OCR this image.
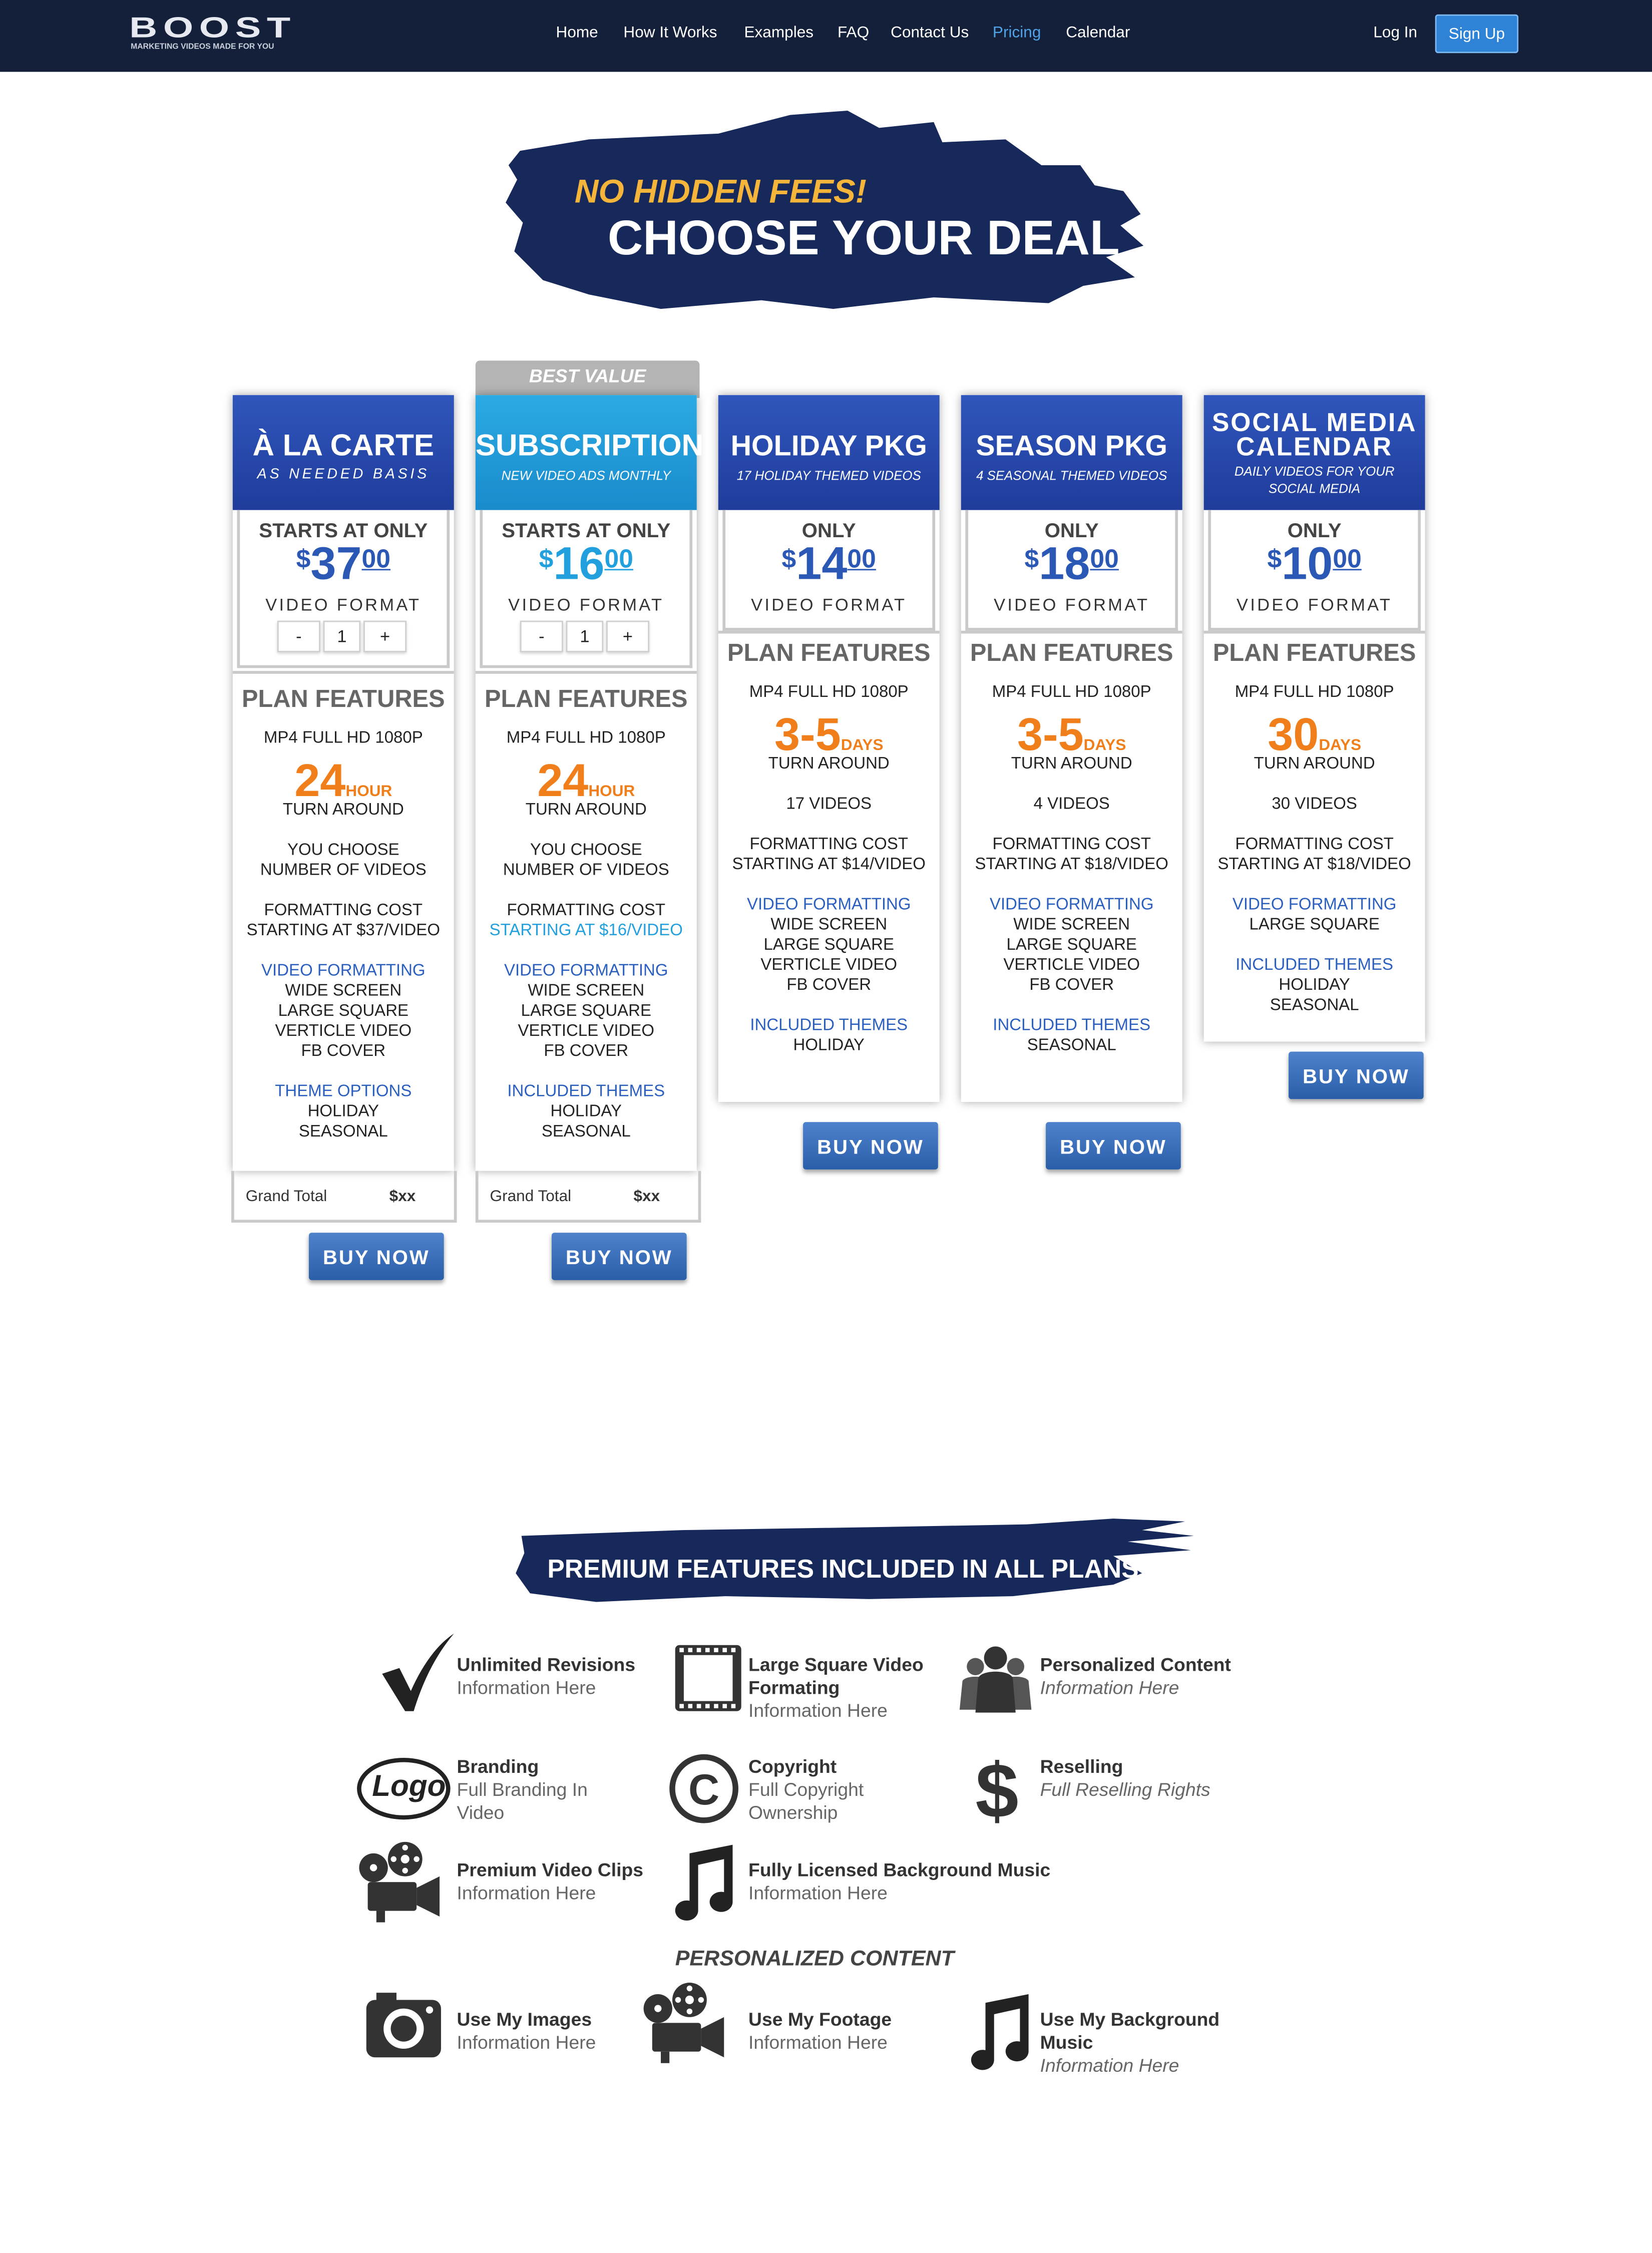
BOOST
MARKETING VIDEOS MADE FOR YOU
Home	How It Works	Examples	FAQ	Contact Us	Pricing	Calendar	Log In	Sign Up
NO HIDDEN FEES!
CHOOSE YOUR DEAL
BEST VALUE
À LA CARTE
AS NEEDED BASIS
STARTS AT ONLY
$3700
VIDEO FORMAT
-	1	+
PLAN FEATURES
MP4 FULL HD 1080P
24HOUR
TURN AROUND
YOU CHOOSE
NUMBER OF VIDEOS
FORMATTING COST
STARTING AT $37/VIDEO
VIDEO FORMATTING
WIDE SCREEN
LARGE SQUARE
VERTICLE VIDEO
FB COVER
THEME OPTIONS
HOLIDAY
SEASONAL
Grand Total	$xx
BUY NOW
SUBSCRIPTION
NEW VIDEO ADS MONTHLY
STARTS AT ONLY
$1600
VIDEO FORMAT
-	1	+
PLAN FEATURES
MP4 FULL HD 1080P
24HOUR
TURN AROUND
YOU CHOOSE
NUMBER OF VIDEOS
FORMATTING COST
STARTING AT $16/VIDEO
VIDEO FORMATTING
WIDE SCREEN
LARGE SQUARE
VERTICLE VIDEO
FB COVER
INCLUDED THEMES
HOLIDAY
SEASONAL
Grand Total	$xx
BUY NOW
HOLIDAY PKG
17 HOLIDAY THEMED VIDEOS
ONLY
$1400
VIDEO FORMAT
PLAN FEATURES
MP4 FULL HD 1080P
3-5DAYS
TURN AROUND
17 VIDEOS
FORMATTING COST
STARTING AT $14/VIDEO
VIDEO FORMATTING
WIDE SCREEN
LARGE SQUARE
VERTICLE VIDEO
FB COVER
INCLUDED THEMES
HOLIDAY
BUY NOW
SEASON PKG
4 SEASONAL THEMED VIDEOS
ONLY
$1800
VIDEO FORMAT
PLAN FEATURES
MP4 FULL HD 1080P
3-5DAYS
TURN AROUND
4 VIDEOS
FORMATTING COST
STARTING AT $18/VIDEO
VIDEO FORMATTING
WIDE SCREEN
LARGE SQUARE
VERTICLE VIDEO
FB COVER
INCLUDED THEMES
SEASONAL
BUY NOW
SOCIAL MEDIA CALENDAR
DAILY VIDEOS FOR YOUR SOCIAL MEDIA
ONLY
$1000
VIDEO FORMAT
PLAN FEATURES
MP4 FULL HD 1080P
30DAYS
TURN AROUND
30 VIDEOS
FORMATTING COST
STARTING AT $18/VIDEO
VIDEO FORMATTING
LARGE SQUARE
INCLUDED THEMES
HOLIDAY
SEASONAL
BUY NOW
PREMIUM FEATURES INCLUDED IN ALL PLANS
Unlimited Revisions
Information Here
Large Square Video Formating
Information Here
Personalized Content
Information Here
Logo
Branding
Full Branding In Video	C	Copyright
Full Copyright Ownership	$	Reselling
Full Reselling Rights
Premium Video Clips
Information Here
Fully Licensed Background Music
Information Here
PERSONALIZED CONTENT
Use My Images
Information Here
Use My Footage
Information Here
Use My Background Music
Information Here
